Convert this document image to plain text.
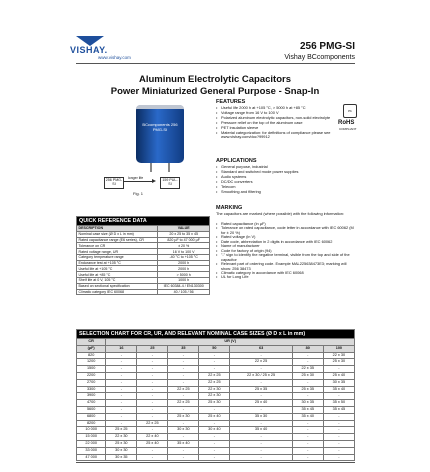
VISHAY.
www.vishay.com
256 PMG-SI
Vishay BCcomponents
Aluminum Electrolytic Capacitors
Power Miniaturized General Purpose - Snap-In
BCcomponents 256 PMG-SI
256 PMG-SI
longer life	159 PUL-SI
Fig. 1
Pb
RoHS
COMPLIANT
FEATURES
• Useful life 2000 h at +105 °C, > 5000 h at +85 °C
• Voltage range from 16 V to 100 V
• Polarized aluminum electrolytic capacitors, non-solid electrolyte
• Pressure relief on the top of the aluminum case
• PET insulation sleeve
• Material categorization: for definitions of compliance please see www.vishay.com/doc?99912
APPLICATIONS
• General purpose, industrial
• Standard and switched mode power supplies
• Audio systems
• DC/DC converters
• Telecom
• Smoothing and filtering
MARKING
The capacitors are marked (where possible) with the following information:
• Rated capacitance (in µF)
• Tolerance on rated capacitance, code letter in accordance with IEC 60062 (M for ± 20 %)
• Rated voltage (in V)
• Date code, abbreviation in 2 digits in accordance with IEC 60062
• Name of manufacturer
• Code for factory of origin (94)
• "-" sign to identify the negative terminal, visible from the top and side of the capacitor
• Relevant part of ordering code. Example MAL225638473E3; marking will show: 256 38473
• Climatic category in accordance with IEC 60068
• UL for Long Life
QUICK REFERENCE DATA	
DESCRIPTION	VALUE
Nominal case size (Ø D x L in mm)	20 x 25 to 35 x 45
Rated capacitance range (E6 series), CR	820 µF to 47 000 µF
Tolerance on CR	± 20 %
Rated voltage range, UR	16 V to 100 V
Category temperature range	-40 °C to +105 °C
Endurance test at +105 °C	2000 h
Useful life at +105 °C	2000 h
Useful life at +85 °C	> 5000 h
Shelf life at 0 V, 105 °C	1000 h
Based on sectional specification	IEC 60384-4 / EN130300
Climatic category IEC 60068	40 / 105 / 56
SELECTION CHART FOR CR, UR, AND RELEVANT NOMINAL CASE SIZES (Ø D x L in mm)							
CR	UR (V)						
(µF)	16	25	35	50	63	80	100
820	-	-	-	-	-	-	22 x 30
1200	-	-	-	-	22 x 25	-	25 x 30
1500	-	-	-	-	-	22 x 35	-
2200	-	-	-	22 x 25	22 x 30 / 25 x 25	25 x 30	25 x 40
2700	-	-	-	22 x 25	-	-	30 x 35
3300	-	-	22 x 25	22 x 30	25 x 35	25 x 35	35 x 40
3900	-	-	-	22 x 30	-	-	-
4700	-	-	22 x 25	25 x 30	25 x 40	30 x 35	35 x 50
5600	-	-	-	-	-	35 x 45	35 x 45
6800	-	-	25 x 30	25 x 40	35 x 30	35 x 40	-
8200	-	22 x 25	-	-	-	-	-
10 000	25 x 25	-	30 x 30	30 x 40	35 x 40	-	-
15 000	22 x 30	22 x 40	-	-	-	-	-
22 000	25 x 30	25 x 40	35 x 40	-	-	-	-
33 000	30 x 30	-	-	-	-	-	-
47 000	30 x 35	-	-	-	-	-	-
